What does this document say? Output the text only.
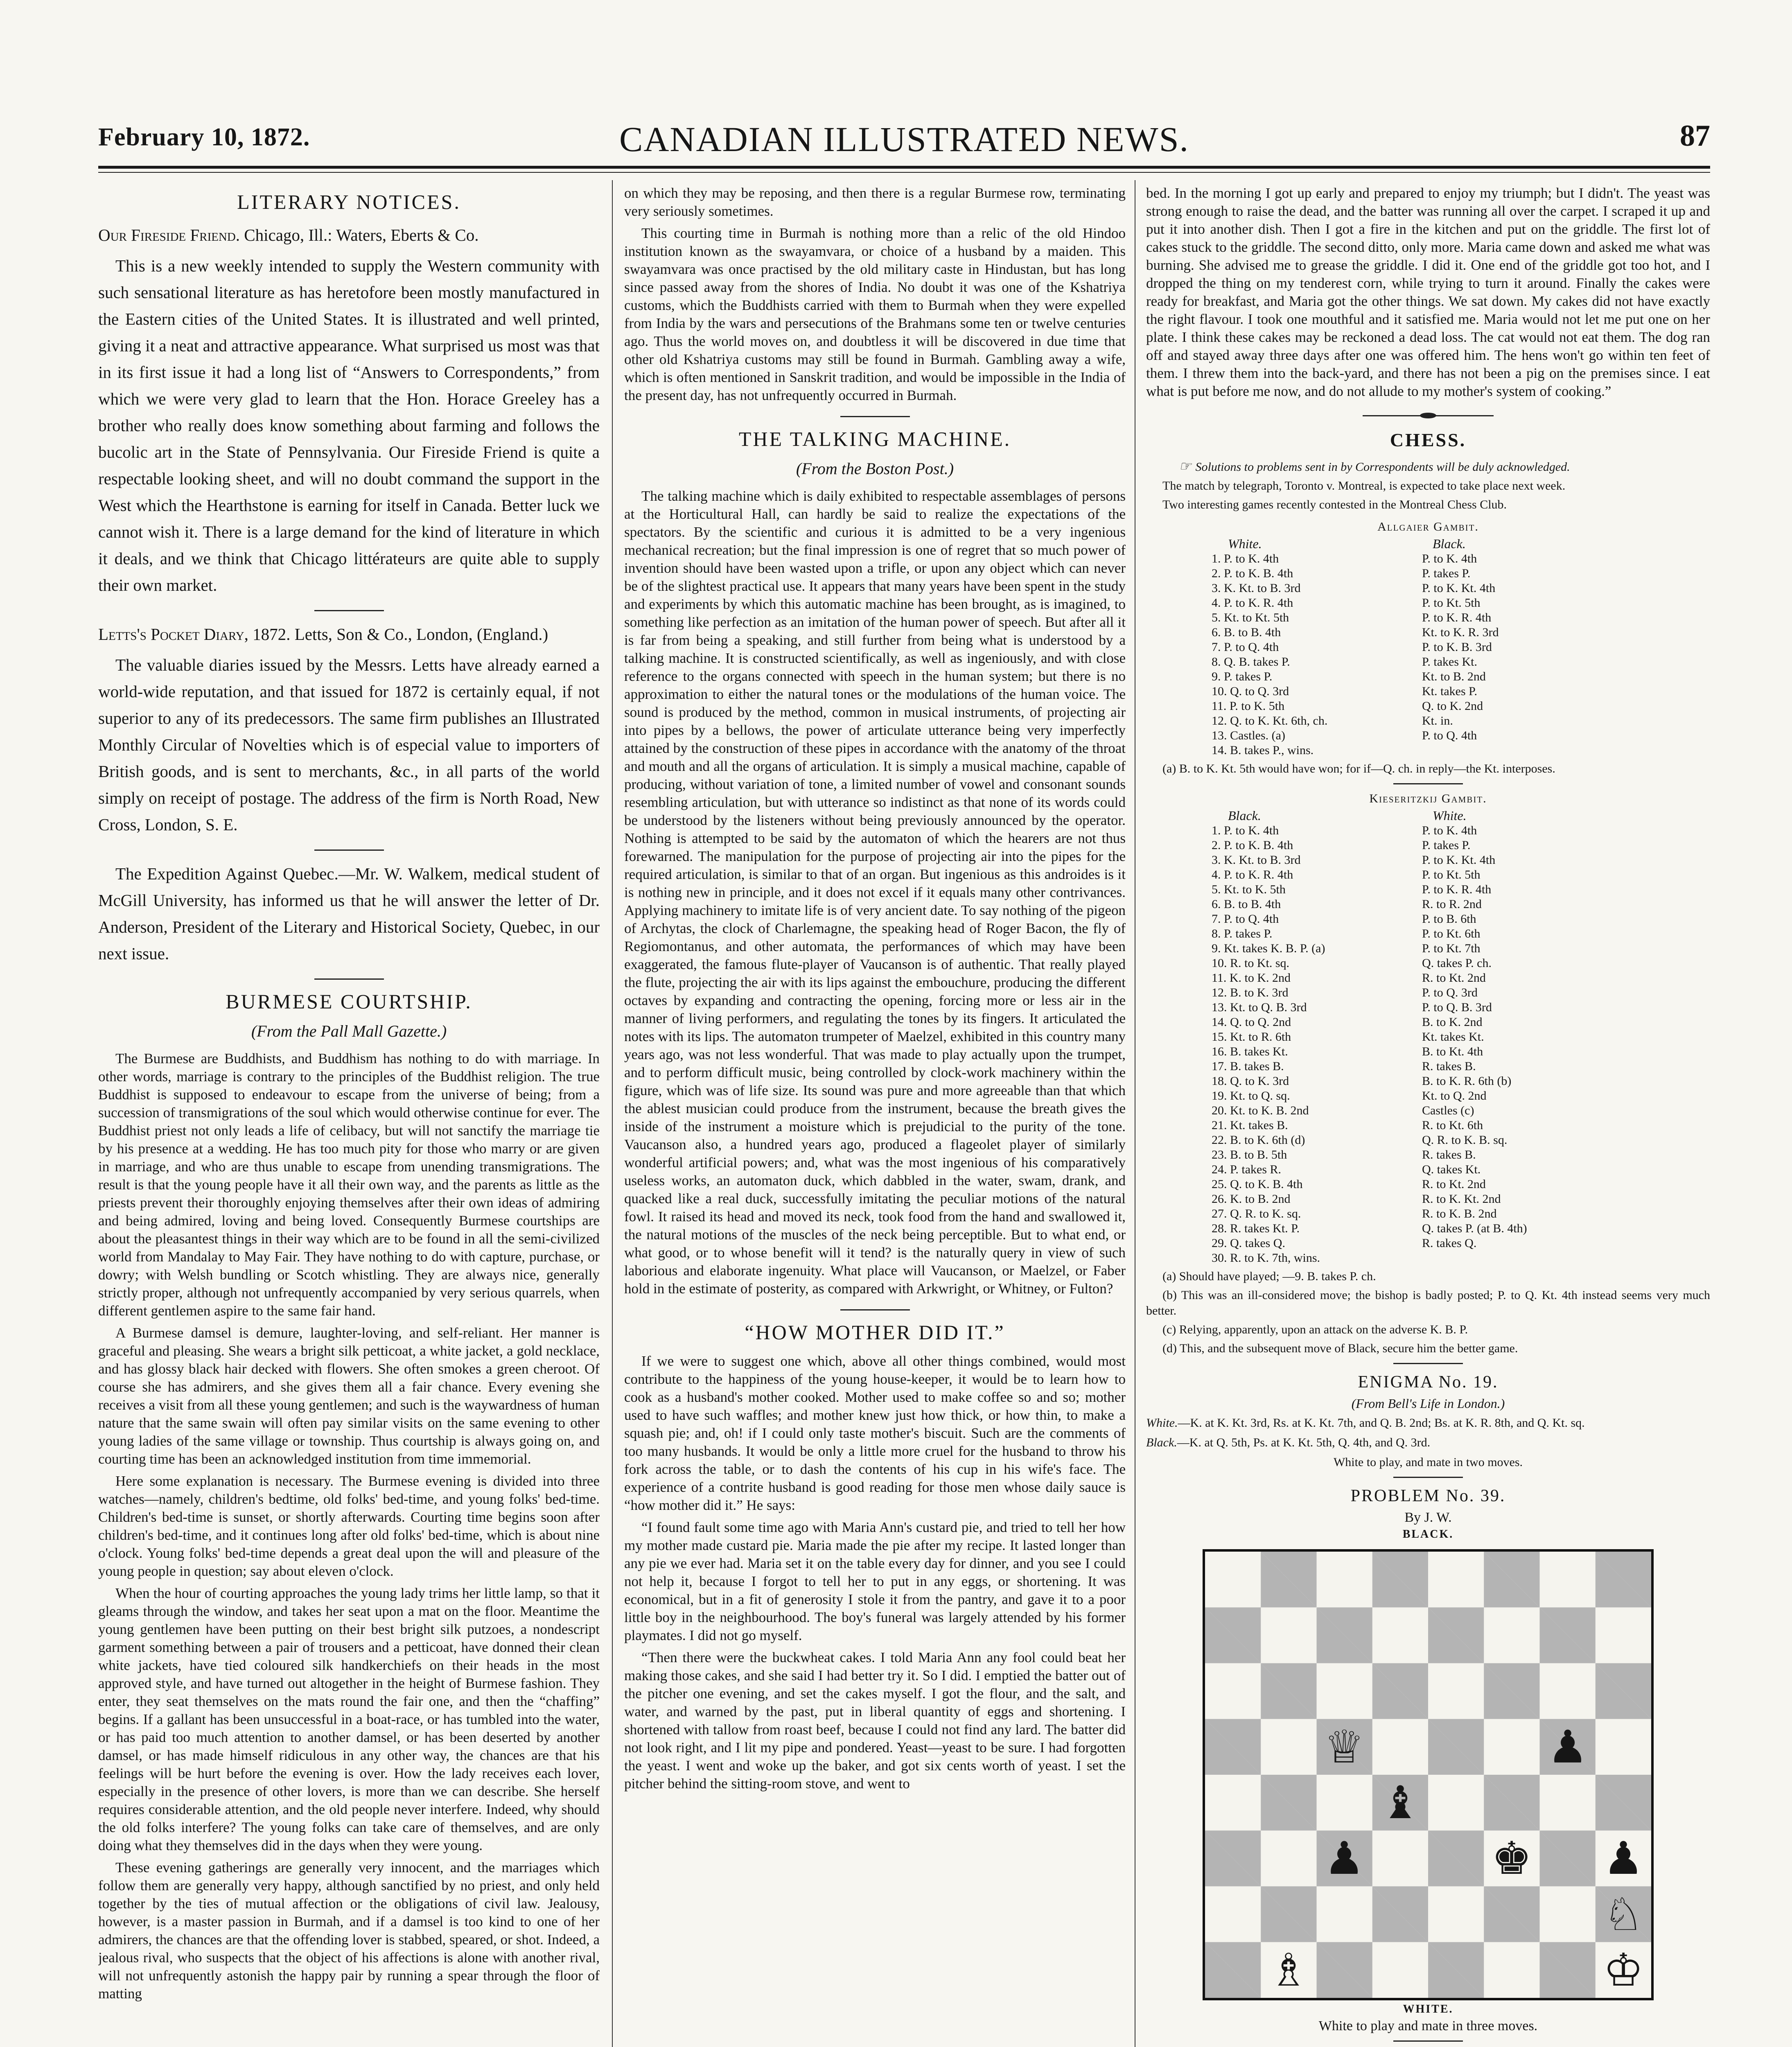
February 10, 1872.	CANADIAN ILLUSTRATED NEWS.	87
LITERARY NOTICES.

Our Fireside Friend. Chicago, Ill.: Waters, Eberts & Co.

This is a new weekly intended to supply the Western community with such sensational literature as has heretofore been mostly manufactured in the Eastern cities of the United States. It is illustrated and well printed, giving it a neat and attractive appearance. What surprised us most was that in its first issue it had a long list of “Answers to Correspondents,” from which we were very glad to learn that the Hon. Horace Greeley has a brother who really does know something about farming and follows the bucolic art in the State of Pennsylvania. Our Fireside Friend is quite a respectable looking sheet, and will no doubt command the support in the West which the Hearthstone is earning for itself in Canada. Better luck we cannot wish it. There is a large demand for the kind of literature in which it deals, and we think that Chicago littérateurs are quite able to supply their own market.

Letts's Pocket Diary, 1872. Letts, Son & Co., London, (England.)

The valuable diaries issued by the Messrs. Letts have already earned a world-wide reputation, and that issued for 1872 is certainly equal, if not superior to any of its predecessors. The same firm publishes an Illustrated Monthly Circular of Novelties which is of especial value to importers of British goods, and is sent to merchants, &c., in all parts of the world simply on receipt of postage. The address of the firm is North Road, New Cross, London, S. E.

The Expedition Against Quebec.—Mr. W. Walkem, medical student of McGill University, has informed us that he will answer the letter of Dr. Anderson, President of the Literary and Historical Society, Quebec, in our next issue.

BURMESE COURTSHIP.
(From the Pall Mall Gazette.)

The Burmese are Buddhists, and Buddhism has nothing to do with marriage. In other words, marriage is contrary to the principles of the Buddhist religion. The true Buddhist is supposed to endeavour to escape from the universe of being; from a succession of transmigrations of the soul which would otherwise continue for ever. The Buddhist priest not only leads a life of celibacy, but will not sanctify the marriage tie by his presence at a wedding. He has too much pity for those who marry or are given in marriage, and who are thus unable to escape from unending transmigrations. The result is that the young people have it all their own way, and the parents as little as the priests prevent their thoroughly enjoying themselves after their own ideas of admiring and being admired, loving and being loved. Consequently Burmese courtships are about the pleasantest things in their way which are to be found in all the semi-civilized world from Mandalay to May Fair. They have nothing to do with capture, purchase, or dowry; with Welsh bundling or Scotch whistling. They are always nice, generally strictly proper, although not unfrequently accompanied by very serious quarrels, when different gentlemen aspire to the same fair hand.

A Burmese damsel is demure, laughter-loving, and self-reliant. Her manner is graceful and pleasing. She wears a bright silk petticoat, a white jacket, a gold necklace, and has glossy black hair decked with flowers. She often smokes a green cheroot. Of course she has admirers, and she gives them all a fair chance. Every evening she receives a visit from all these young gentlemen; and such is the waywardness of human nature that the same swain will often pay similar visits on the same evening to other young ladies of the same village or township. Thus courtship is always going on, and courting time has been an acknowledged institution from time immemorial.

Here some explanation is necessary. The Burmese evening is divided into three watches—namely, children's bedtime, old folks' bed-time, and young folks' bed-time. Children's bed-time is sunset, or shortly afterwards. Courting time begins soon after children's bed-time, and it continues long after old folks' bed-time, which is about nine o'clock. Young folks' bed-time depends a great deal upon the will and pleasure of the young people in question; say about eleven o'clock.

When the hour of courting approaches the young lady trims her little lamp, so that it gleams through the window, and takes her seat upon a mat on the floor. Meantime the young gentlemen have been putting on their best bright silk putzoes, a nondescript garment something between a pair of trousers and a petticoat, have donned their clean white jackets, have tied coloured silk handkerchiefs on their heads in the most approved style, and have turned out altogether in the height of Burmese fashion. They enter, they seat themselves on the mats round the fair one, and then the “chaffing” begins. If a gallant has been unsuccessful in a boat-race, or has tumbled into the water, or has paid too much attention to another damsel, or has been deserted by another damsel, or has made himself ridiculous in any other way, the chances are that his feelings will be hurt before the evening is over. How the lady receives each lover, especially in the presence of other lovers, is more than we can describe. She herself requires considerable attention, and the old people never interfere. Indeed, why should the old folks interfere? The young folks can take care of themselves, and are only doing what they themselves did in the days when they were young.

These evening gatherings are generally very innocent, and the marriages which follow them are generally very happy, although sanctified by no priest, and only held together by the ties of mutual affection or the obligations of civil law. Jealousy, however, is a master passion in Burmah, and if a damsel is too kind to one of her admirers, the chances are that the offending lover is stabbed, speared, or shot. Indeed, a jealous rival, who suspects that the object of his affections is alone with another rival, will not unfrequently astonish the happy pair by running a spear through the floor of matting

on which they may be reposing, and then there is a regular Burmese row, terminating very seriously sometimes.

This courting time in Burmah is nothing more than a relic of the old Hindoo institution known as the swayamvara, or choice of a husband by a maiden. This swayamvara was once practised by the old military caste in Hindustan, but has long since passed away from the shores of India. No doubt it was one of the Kshatriya customs, which the Buddhists carried with them to Burmah when they were expelled from India by the wars and persecutions of the Brahmans some ten or twelve centuries ago. Thus the world moves on, and doubtless it will be discovered in due time that other old Kshatriya customs may still be found in Burmah. Gambling away a wife, which is often mentioned in Sanskrit tradition, and would be impossible in the India of the present day, has not unfrequently occurred in Burmah.

THE TALKING MACHINE.
(From the Boston Post.)

The talking machine which is daily exhibited to respectable assemblages of persons at the Horticultural Hall, can hardly be said to realize the expectations of the spectators. By the scientific and curious it is admitted to be a very ingenious mechanical recreation; but the final impression is one of regret that so much power of invention should have been wasted upon a trifle, or upon any object which can never be of the slightest practical use. It appears that many years have been spent in the study and experiments by which this automatic machine has been brought, as is imagined, to something like perfection as an imitation of the human power of speech. But after all it is far from being a speaking, and still further from being what is understood by a talking machine. It is constructed scientifically, as well as ingeniously, and with close reference to the organs connected with speech in the human system; but there is no approximation to either the natural tones or the modulations of the human voice. The sound is produced by the method, common in musical instruments, of projecting air into pipes by a bellows, the power of articulate utterance being very imperfectly attained by the construction of these pipes in accordance with the anatomy of the throat and mouth and all the organs of articulation. It is simply a musical machine, capable of producing, without variation of tone, a limited number of vowel and consonant sounds resembling articulation, but with utterance so indistinct as that none of its words could be understood by the listeners without being previously announced by the operator. Nothing is attempted to be said by the automaton of which the hearers are not thus forewarned. The manipulation for the purpose of projecting air into the pipes for the required articulation, is similar to that of an organ. But ingenious as this androides is it is nothing new in principle, and it does not excel if it equals many other contrivances. Applying machinery to imitate life is of very ancient date. To say nothing of the pigeon of Archytas, the clock of Charlemagne, the speaking head of Roger Bacon, the fly of Regiomontanus, and other automata, the performances of which may have been exaggerated, the famous flute-player of Vaucanson is of authentic. That really played the flute, projecting the air with its lips against the embouchure, producing the different octaves by expanding and contracting the opening, forcing more or less air in the manner of living performers, and regulating the tones by its fingers. It articulated the notes with its lips. The automaton trumpeter of Maelzel, exhibited in this country many years ago, was not less wonderful. That was made to play actually upon the trumpet, and to perform difficult music, being controlled by clock-work machinery within the figure, which was of life size. Its sound was pure and more agreeable than that which the ablest musician could produce from the instrument, because the breath gives the inside of the instrument a moisture which is prejudicial to the purity of the tone. Vaucanson also, a hundred years ago, produced a flageolet player of similarly wonderful artificial powers; and, what was the most ingenious of his comparatively useless works, an automaton duck, which dabbled in the water, swam, drank, and quacked like a real duck, successfully imitating the peculiar motions of the natural fowl. It raised its head and moved its neck, took food from the hand and swallowed it, the natural motions of the muscles of the neck being perceptible. But to what end, or what good, or to whose benefit will it tend? is the naturally query in view of such laborious and elaborate ingenuity. What place will Vaucanson, or Maelzel, or Faber hold in the estimate of posterity, as compared with Arkwright, or Whitney, or Fulton?

“HOW MOTHER DID IT.”

If we were to suggest one which, above all other things combined, would most contribute to the happiness of the young house-keeper, it would be to learn how to cook as a husband's mother cooked. Mother used to make coffee so and so; mother used to have such waffles; and mother knew just how thick, or how thin, to make a squash pie; and, oh! if I could only taste mother's biscuit. Such are the comments of too many husbands. It would be only a little more cruel for the husband to throw his fork across the table, or to dash the contents of his cup in his wife's face. The experience of a contrite husband is good reading for those men whose daily sauce is “how mother did it.” He says:

“I found fault some time ago with Maria Ann's custard pie, and tried to tell her how my mother made custard pie. Maria made the pie after my recipe. It lasted longer than any pie we ever had. Maria set it on the table every day for dinner, and you see I could not help it, because I forgot to tell her to put in any eggs, or shortening. It was economical, but in a fit of generosity I stole it from the pantry, and gave it to a poor little boy in the neighbourhood. The boy's funeral was largely attended by his former playmates. I did not go myself.

“Then there were the buckwheat cakes. I told Maria Ann any fool could beat her making those cakes, and she said I had better try it. So I did. I emptied the batter out of the pitcher one evening, and set the cakes myself. I got the flour, and the salt, and water, and warned by the past, put in liberal quantity of eggs and shortening. I shortened with tallow from roast beef, because I could not find any lard. The batter did not look right, and I lit my pipe and pondered. Yeast—yeast to be sure. I had forgotten the yeast. I went and woke up the baker, and got six cents worth of yeast. I set the pitcher behind the sitting-room stove, and went to

bed. In the morning I got up early and prepared to enjoy my triumph; but I didn't. The yeast was strong enough to raise the dead, and the batter was running all over the carpet. I scraped it up and put it into another dish. Then I got a fire in the kitchen and put on the griddle. The first lot of cakes stuck to the griddle. The second ditto, only more. Maria came down and asked me what was burning. She advised me to grease the griddle. I did it. One end of the griddle got too hot, and I dropped the thing on my tenderest corn, while trying to turn it around. Finally the cakes were ready for breakfast, and Maria got the other things. We sat down. My cakes did not have exactly the right flavour. I took one mouthful and it satisfied me. Maria would not let me put one on her plate. I think these cakes may be reckoned a dead loss. The cat would not eat them. The dog ran off and stayed away three days after one was offered him. The hens won't go within ten feet of them. I threw them into the back-yard, and there has not been a pig on the premises since. I eat what is put before me now, and do not allude to my mother's system of cooking.”

CHESS.

☞ Solutions to problems sent in by Correspondents will be duly acknowledged.

The match by telegraph, Toronto v. Montreal, is expected to take place next week.

Two interesting games recently contested in the Montreal Chess Club.

Allgaier Gambit.
White.	Black.
1. P. to K. 4th	P. to K. 4th
2. P. to K. B. 4th	P. takes P.
3. K. Kt. to B. 3rd	P. to K. Kt. 4th
4. P. to K. R. 4th	P. to Kt. 5th
5. Kt. to Kt. 5th	P. to K. R. 4th
6. B. to B. 4th	Kt. to K. R. 3rd
7. P. to Q. 4th	P. to K. B. 3rd
8. Q. B. takes P.	P. takes Kt.
9. P. takes P.	Kt. to B. 2nd
10. Q. to Q. 3rd	Kt. takes P.
11. P. to K. 5th	Q. to K. 2nd
12. Q. to K. Kt. 6th, ch.	Kt. in.
13. Castles. (a)	P. to Q. 4th
14. B. takes P., wins.	

(a) B. to K. Kt. 5th would have won; for if—Q. ch. in reply—the Kt. interposes.

Kieseritzkij Gambit.
Black.	White.
1. P. to K. 4th	P. to K. 4th
2. P. to K. B. 4th	P. takes P.
3. K. Kt. to B. 3rd	P. to K. Kt. 4th
4. P. to K. R. 4th	P. to Kt. 5th
5. Kt. to K. 5th	P. to K. R. 4th
6. B. to B. 4th	R. to R. 2nd
7. P. to Q. 4th	P. to B. 6th
8. P. takes P.	P. to Kt. 6th
9. Kt. takes K. B. P. (a)	P. to Kt. 7th
10. R. to Kt. sq.	Q. takes P. ch.
11. K. to K. 2nd	R. to Kt. 2nd
12. B. to K. 3rd	P. to Q. 3rd
13. Kt. to Q. B. 3rd	P. to Q. B. 3rd
14. Q. to Q. 2nd	B. to K. 2nd
15. Kt. to R. 6th	Kt. takes Kt.
16. B. takes Kt.	B. to Kt. 4th
17. B. takes B.	R. takes B.
18. Q. to K. 3rd	B. to K. R. 6th (b)
19. Kt. to Q. sq.	Kt. to Q. 2nd
20. Kt. to K. B. 2nd	Castles (c)
21. Kt. takes B.	R. to Kt. 6th
22. B. to K. 6th (d)	Q. R. to K. B. sq.
23. B. to B. 5th	R. takes B.
24. P. takes R.	Q. takes Kt.
25. Q. to K. B. 4th	R. to Kt. 2nd
26. K. to B. 2nd	R. to K. Kt. 2nd
27. Q. R. to K. sq.	R. to K. B. 2nd
28. R. takes Kt. P.	Q. takes P. (at B. 4th)
29. Q. takes Q.	R. takes Q.
30. R. to K. 7th, wins.	

(a) Should have played; —9. B. takes P. ch.

(b) This was an ill-considered move; the bishop is badly posted; P. to Q. Kt. 4th instead seems very much better.

(c) Relying, apparently, upon an attack on the adverse K. B. P.

(d) This, and the subsequent move of Black, secure him the better game.

ENIGMA No. 19.
(From Bell's Life in London.)

White.—K. at K. Kt. 3rd, Rs. at K. Kt. 7th, and Q. B. 2nd; Bs. at K. R. 8th, and Q. Kt. sq.

Black.—K. at Q. 5th, Ps. at K. Kt. 5th, Q. 4th, and Q. 3rd.

White to play, and mate in two moves.

PROBLEM No. 39.
By J. W.
BLACK.
♕	♟
♝
♟	♚ ♟
♘
♗	♔
WHITE.
White to play and mate in three moves.
